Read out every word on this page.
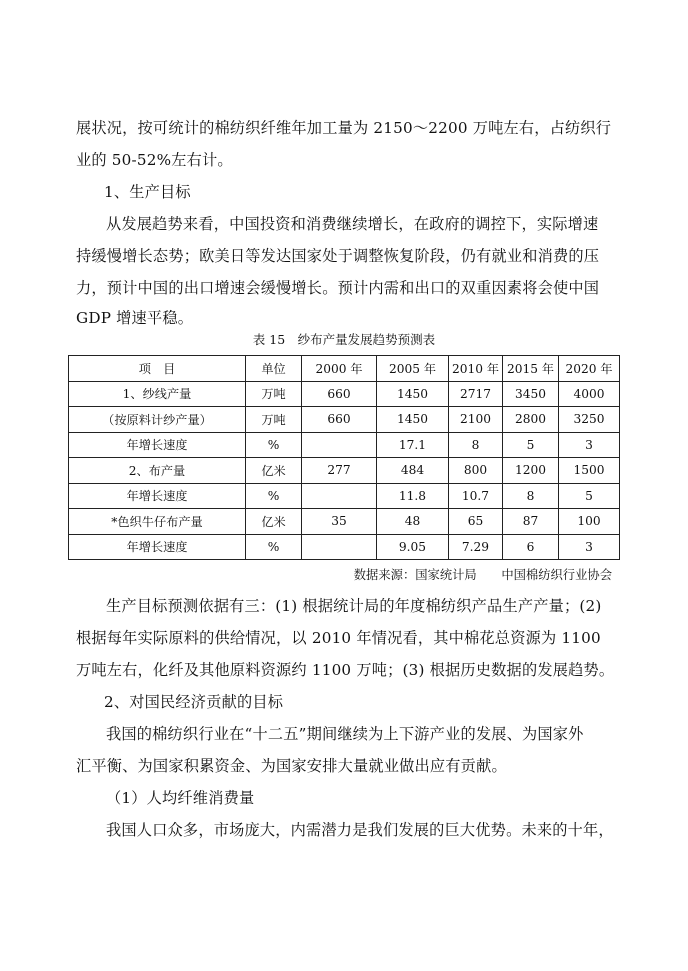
展状况，按可统计的棉纺织纤维年加工量为 2150～2200 万吨左右，占纺织行
业的 50-52%左右计。
1、生产目标
从发展趋势来看，中国投资和消费继续增长，在政府的调控下，实际增速
持缓慢增长态势；欧美日等发达国家处于调整恢复阶段，仍有就业和消费的压
力，预计中国的出口增速会缓慢增长。预计内需和出口的双重因素将会使中国
GDP 增速平稳。
表 15　纱布产量发展趋势预测表
项　目	单位	2000 年	2005 年	2010 年	2015 年	2020 年
1、纱线产量	万吨	660	1450	2717	3450	4000
（按原料计纱产量）	万吨	660	1450	2100	2800	3250
年增长速度	%		17.1	8	5	3
2、布产量	亿米	277	484	800	1200	1500
年增长速度	%		11.8	10.7	8	5
*色织牛仔布产量	亿米	35	48	65	87	100
年增长速度	%		9.05	7.29	6	3
数据来源：国家统计局　　中国棉纺织行业协会
生产目标预测依据有三：(1) 根据统计局的年度棉纺织产品生产产量；(2)
根据每年实际原料的供给情况，以 2010 年情况看，其中棉花总资源为 1100
万吨左右，化纤及其他原料资源约 1100 万吨；(3) 根据历史数据的发展趋势。
2、对国民经济贡献的目标
我国的棉纺织行业在“十二五”期间继续为上下游产业的发展、为国家外
汇平衡、为国家积累资金、为国家安排大量就业做出应有贡献。
（1）人均纤维消费量
我国人口众多，市场庞大，内需潜力是我们发展的巨大优势。未来的十年，
